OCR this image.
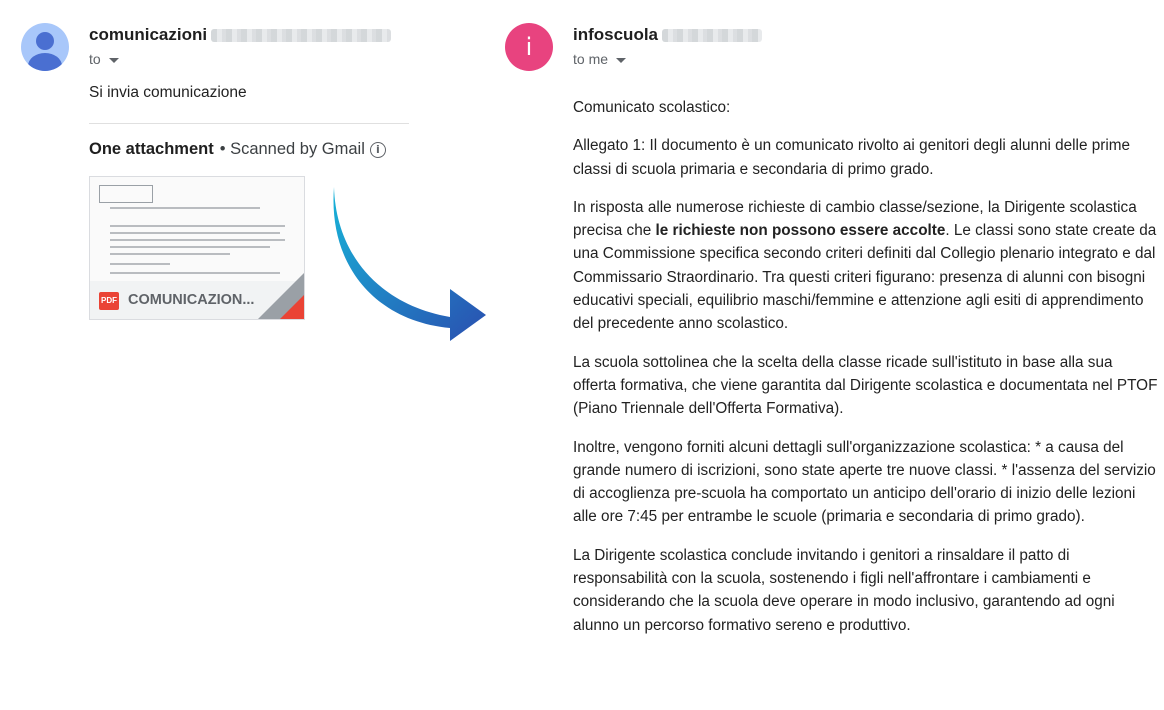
comunicazioni
to
Si invia comunicazione
One attachment • Scanned by Gmail i
PDF COMUNICAZION...
i infoscuola
to me

Comunicato scolastico:

Allegato 1: Il documento è un comunicato rivolto ai genitori degli alunni delle prime classi di scuola primaria e secondaria di primo grado.

In risposta alle numerose richieste di cambio classe/sezione, la Dirigente scolastica precisa che le richieste non possono essere accolte. Le classi sono state create da una Commissione specifica secondo criteri definiti dal Collegio plenario integrato e dal Commissario Straordinario. Tra questi criteri figurano: presenza di alunni con bisogni educativi speciali, equilibrio maschi/femmine e attenzione agli esiti di apprendimento del precedente anno scolastico.

La scuola sottolinea che la scelta della classe ricade sull'istituto in base alla sua offerta formativa, che viene garantita dal Dirigente scolastica e documentata nel PTOF (Piano Triennale dell'Offerta Formativa).

Inoltre, vengono forniti alcuni dettagli sull'organizzazione scolastica: * a causa del grande numero di iscrizioni, sono state aperte tre nuove classi. * l'assenza del servizio di accoglienza pre-scuola ha comportato un anticipo dell'orario di inizio delle lezioni alle ore 7:45 per entrambe le scuole (primaria e secondaria di primo grado).

La Dirigente scolastica conclude invitando i genitori a rinsaldare il patto di responsabilità con la scuola, sostenendo i figli nell'affrontare i cambiamenti e considerando che la scuola deve operare in modo inclusivo, garantendo ad ogni alunno un percorso formativo sereno e produttivo.
